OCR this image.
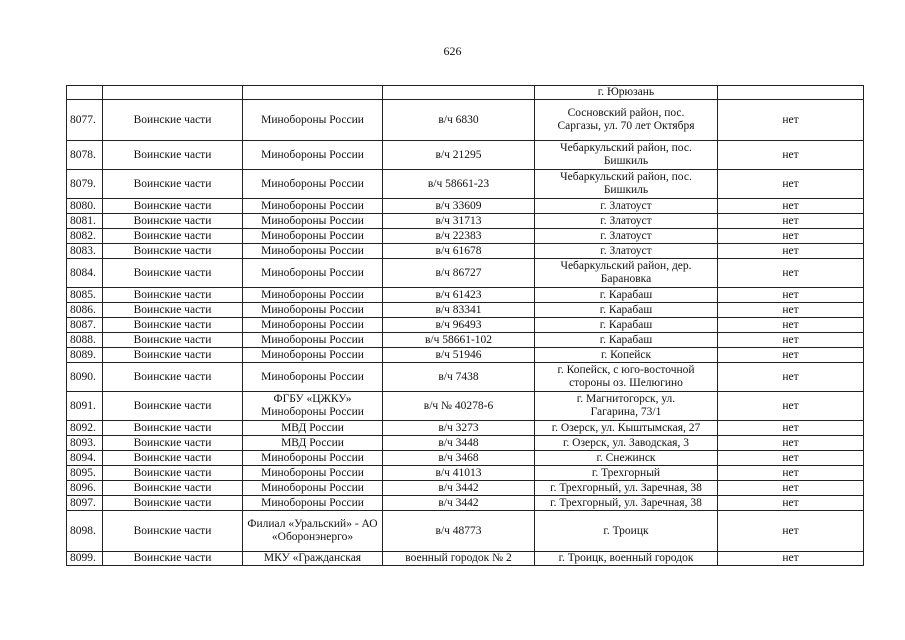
626
				г. Юрюзань	
8077.	Воинские части	Минобороны России	в/ч 6830	Сосновский район, пос. Саргазы, ул. 70 лет Октября	нет
8078.	Воинские части	Минобороны России	в/ч 21295	Чебаркульский район, пос. Бишкиль	нет
8079.	Воинские части	Минобороны России	в/ч 58661-23	Чебаркульский район, пос. Бишкиль	нет
8080.	Воинские части	Минобороны России	в/ч 33609	г. Златоуст	нет
8081.	Воинские части	Минобороны России	в/ч 31713	г. Златоуст	нет
8082.	Воинские части	Минобороны России	в/ч 22383	г. Златоуст	нет
8083.	Воинские части	Минобороны России	в/ч 61678	г. Златоуст	нет
8084.	Воинские части	Минобороны России	в/ч 86727	Чебаркульский район, дер. Барановка	нет
8085.	Воинские части	Минобороны России	в/ч 61423	г. Карабаш	нет
8086.	Воинские части	Минобороны России	в/ч 83341	г. Карабаш	нет
8087.	Воинские части	Минобороны России	в/ч 96493	г. Карабаш	нет
8088.	Воинские части	Минобороны России	в/ч 58661-102	г. Карабаш	нет
8089.	Воинские части	Минобороны России	в/ч 51946	г. Копейск	нет
8090.	Воинские части	Минобороны России	в/ч 7438	г. Копейск, с юго-восточной стороны оз. Шелюгино	нет
8091.	Воинские части	ФГБУ «ЦЖКУ» Минобороны России	в/ч № 40278-6	г. Магнитогорск, ул. Гагарина, 73/1	нет
8092.	Воинские части	МВД России	в/ч 3273	г. Озерск, ул. Кыштымская, 27	нет
8093.	Воинские части	МВД России	в/ч 3448	г. Озерск, ул. Заводская, 3	нет
8094.	Воинские части	Минобороны России	в/ч 3468	г. Снежинск	нет
8095.	Воинские части	Минобороны России	в/ч 41013	г. Трехгорный	нет
8096.	Воинские части	Минобороны России	в/ч 3442	г. Трехгорный, ул. Заречная, 38	нет
8097.	Воинские части	Минобороны России	в/ч 3442	г. Трехгорный, ул. Заречная, 38	нет
8098.	Воинские части	Филиал «Уральский» - АО «Оборонэнерго»	в/ч 48773	г. Троицк	нет
8099.	Воинские части	МКУ «Гражданская	военный городок № 2	г. Троицк, военный городок	нет
